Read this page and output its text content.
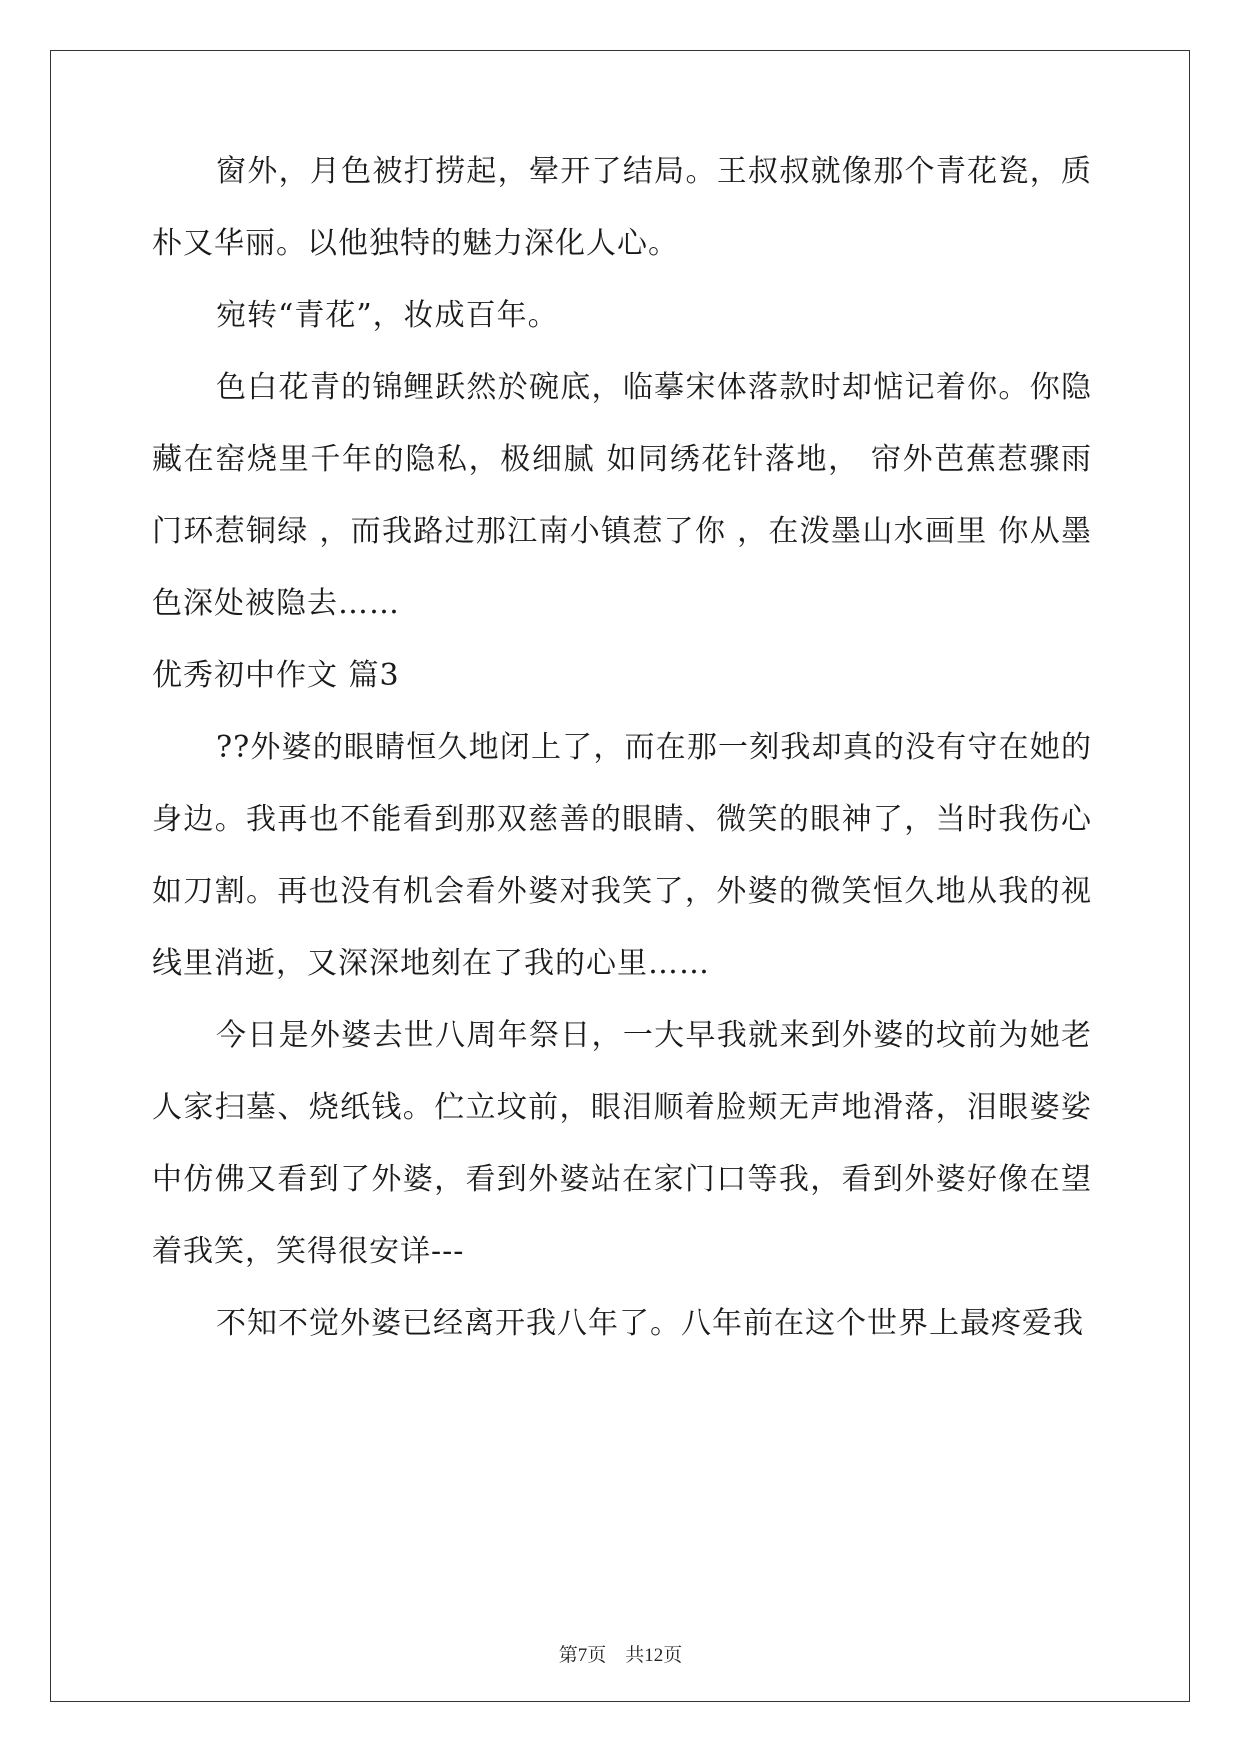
窗外，月色被打捞起，晕开了结局。王叔叔就像那个青花瓷，质朴又华丽。以他独特的魅力深化人心。

宛转“青花”，妆成百年。

色白花青的锦鲤跃然於碗底，临摹宋体落款时却惦记着你。你隐藏在窑烧里千年的隐私，极细腻 如同绣花针落地， 帘外芭蕉惹骤雨门环惹铜绿 ，而我路过那江南小镇惹了你 ，在泼墨山水画里 你从墨色深处被隐去……

优秀初中作文 篇3

??外婆的眼睛恒久地闭上了，而在那一刻我却真的没有守在她的身边。我再也不能看到那双慈善的眼睛、微笑的眼神了，当时我伤心如刀割。再也没有机会看外婆对我笑了，外婆的微笑恒久地从我的视线里消逝，又深深地刻在了我的心里……

今日是外婆去世八周年祭日，一大早我就来到外婆的坟前为她老人家扫墓、烧纸钱。伫立坟前，眼泪顺着脸颊无声地滑落，泪眼婆娑中仿佛又看到了外婆，看到外婆站在家门口等我，看到外婆好像在望着我笑，笑得很安详---

不知不觉外婆已经离开我八年了。八年前在这个世界上最疼爱我

第7页    共12页
